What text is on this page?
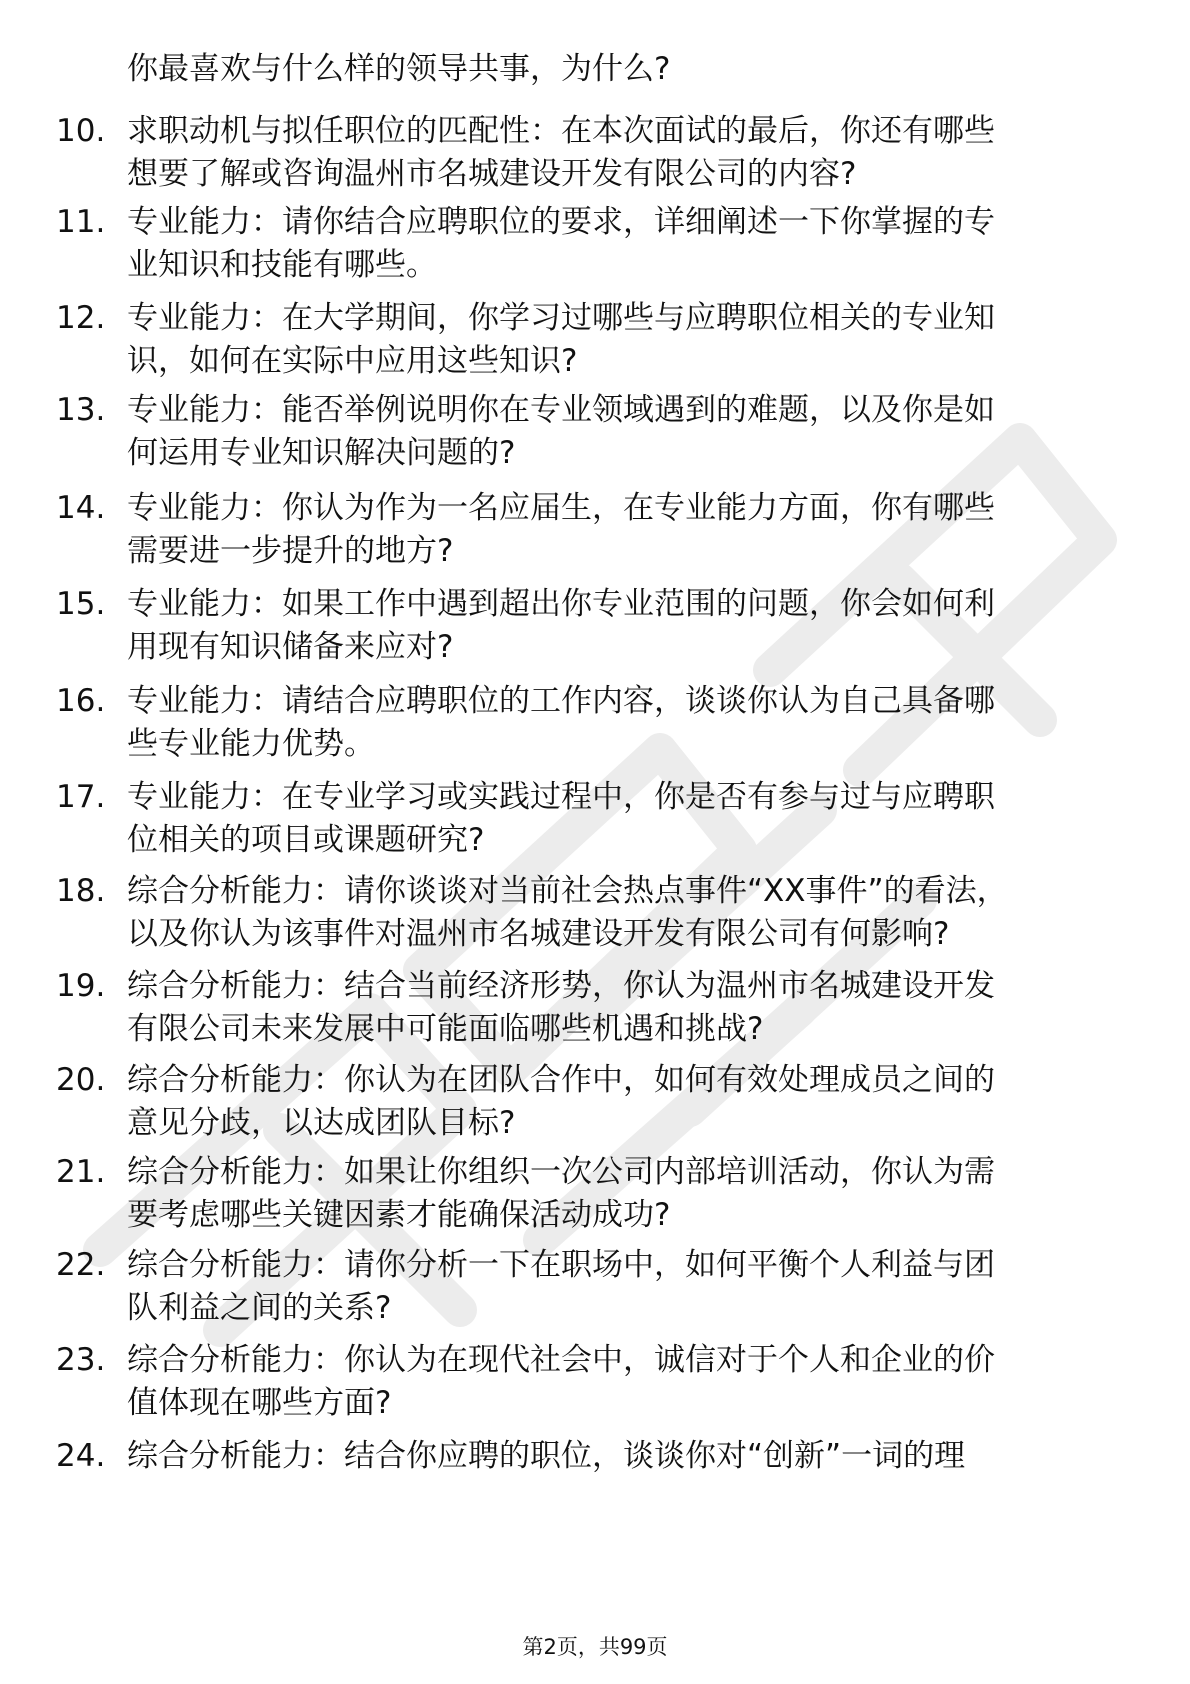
你最喜欢与什么样的领导共事，为什么?
10. 求职动机与拟任职位的匹配性：在本次面试的最后，你还有哪些
想要了解或咨询温州市名城建设开发有限公司的内容?
11. 专业能力：请你结合应聘职位的要求，详细阐述一下你掌握的专
业知识和技能有哪些。
12. 专业能力：在大学期间，你学习过哪些与应聘职位相关的专业知
识，如何在实际中应用这些知识?
13. 专业能力：能否举例说明你在专业领域遇到的难题，以及你是如
何运用专业知识解决问题的?
14. 专业能力：你认为作为一名应届生，在专业能力方面，你有哪些
需要进一步提升的地方?
15. 专业能力：如果工作中遇到超出你专业范围的问题，你会如何利
用现有知识储备来应对?
16. 专业能力：请结合应聘职位的工作内容，谈谈你认为自己具备哪
些专业能力优势。
17. 专业能力：在专业学习或实践过程中，你是否有参与过与应聘职
位相关的项目或课题研究?
18. 综合分析能力：请你谈谈对当前社会热点事件“XX事件”的看法，
以及你认为该事件对温州市名城建设开发有限公司有何影响?
19. 综合分析能力：结合当前经济形势，你认为温州市名城建设开发
有限公司未来发展中可能面临哪些机遇和挑战?
20. 综合分析能力：你认为在团队合作中，如何有效处理成员之间的
意见分歧，以达成团队目标?
21. 综合分析能力：如果让你组织一次公司内部培训活动，你认为需
要考虑哪些关键因素才能确保活动成功?
22. 综合分析能力：请你分析一下在职场中，如何平衡个人利益与团
队利益之间的关系?
23. 综合分析能力：你认为在现代社会中，诚信对于个人和企业的价
值体现在哪些方面?
24. 综合分析能力：结合你应聘的职位，谈谈你对“创新”一词的理
第2页，共99页
